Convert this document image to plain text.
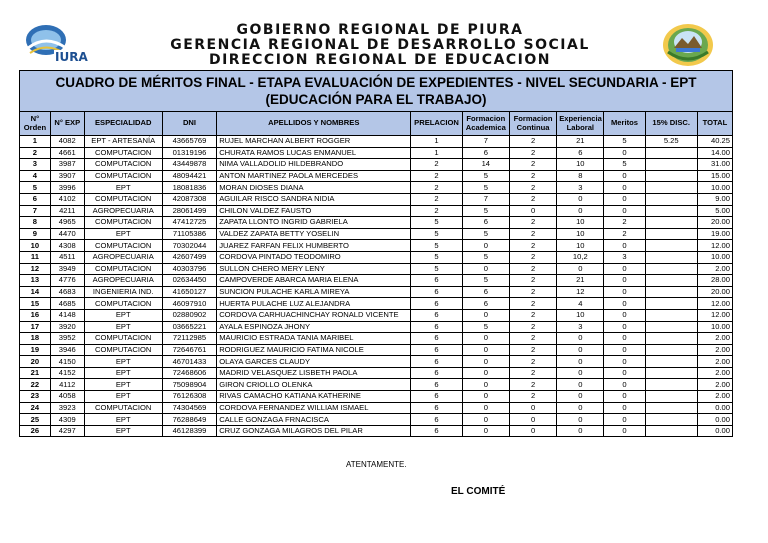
IURA
GOBIERNO REGIONAL DE PIURA
GERENCIA REGIONAL DE DESARROLLO SOCIAL
DIRECCION REGIONAL DE EDUCACION
CUADRO DE MÉRITOS FINAL - ETAPA EVALUACIÓN DE EXPEDIENTES - NIVEL SECUNDARIA - EPT (EDUCACIÓN PARA EL TRABAJO)											
N° Orden	N° EXP	ESPECIALIDAD	DNI	APELLIDOS Y NOMBRES	PRELACION	Formacion Academica	Formacion Continua	Experiencia Laboral	Meritos	15% DISC.	TOTAL
1	4082	EPT - ARTESANÍA	43665769	RUJEL MARCHAN ALBERT ROGGER	1	7	2	21	5	5.25	40.25
2	4661	COMPUTACION	01319196	CHURATA RAMOS LUCAS ENMANUEL	1	6	2	6	0		14.00
3	3987	COMPUTACION	43449878	NIMA VALLADOLID HILDEBRANDO	2	14	2	10	5		31.00
4	3907	COMPUTACION	48094421	ANTON MARTINEZ PAOLA MERCEDES	2	5	2	8	0		15.00
5	3996	EPT	18081836	MORAN DIOSES DIANA	2	5	2	3	0		10.00
6	4102	COMPUTACION	42087308	AGUILAR RISCO SANDRA NIDIA	2	7	2	0	0		9.00
7	4211	AGROPECUARIA	28061499	CHILON VALDEZ FAUSTO	2	5	0	0	0		5.00
8	4965	COMPUTACION	47412725	ZAPATA LLONTO INGRID GABRIELA	5	6	2	10	2		20.00
9	4470	EPT	71105386	VALDEZ ZAPATA BETTY YOSELIN	5	5	2	10	2		19.00
10	4308	COMPUTACION	70302044	JUAREZ FARFAN FELIX HUMBERTO	5	0	2	10	0		12.00
11	4511	AGROPECUARIA	42607499	CORDOVA PINTADO TEODOMIRO	5	5	2	10,2	3		10.00
12	3949	COMPUTACION	40303796	SULLON CHERO MERY LENY	5	0	2	0	0		2.00
13	4776	AGROPECUARIA	02634450	CAMPOVERDE ABARCA MARIA ELENA	6	5	2	21	0		28.00
14	4683	INGENIERIA IND.	41650127	SUNCION PULACHE KARLA MIREYA	6	6	2	12	0		20.00
15	4685	COMPUTACION	46097910	HUERTA PULACHE LUZ ALEJANDRA	6	6	2	4	0		12.00
16	4148	EPT	02880902	CORDOVA CARHUACHINCHAY RONALD VICENTE	6	0	2	10	0		12.00
17	3920	EPT	03665221	AYALA ESPINOZA JHONY	6	5	2	3	0		10.00
18	3952	COMPUTACION	72112985	MAURICIO ESTRADA TANIA MARIBEL	6	0	2	0	0		2.00
19	3946	COMPUTACION	72646761	RODRIGUEZ MAURICIO FATIMA NICOLE	6	0	2	0	0		2.00
20	4150	EPT	46701433	OLAYA GARCES CLAUDY	6	0	2	0	0		2.00
21	4152	EPT	72468606	MADRID VELASQUEZ LISBETH PAOLA	6	0	2	0	0		2.00
22	4112	EPT	75098904	GIRON CRIOLLO OLENKA	6	0	2	0	0		2.00
23	4058	EPT	76126308	RIVAS CAMACHO KATIANA KATHERINE	6	0	2	0	0		2.00
24	3923	COMPUTACION	74304569	CORDOVA FERNANDEZ WILLIAM ISMAEL	6	0	0	0	0		0.00
25	4309	EPT	76288649	CALLE GONZAGA FRNACISCA	6	0	0	0	0		0.00
26	4297	EPT	46128399	CRUZ GONZAGA MILAGROS DEL PILAR	6	0	0	0	0		0.00
ATENTAMENTE.
EL COMITÉ
